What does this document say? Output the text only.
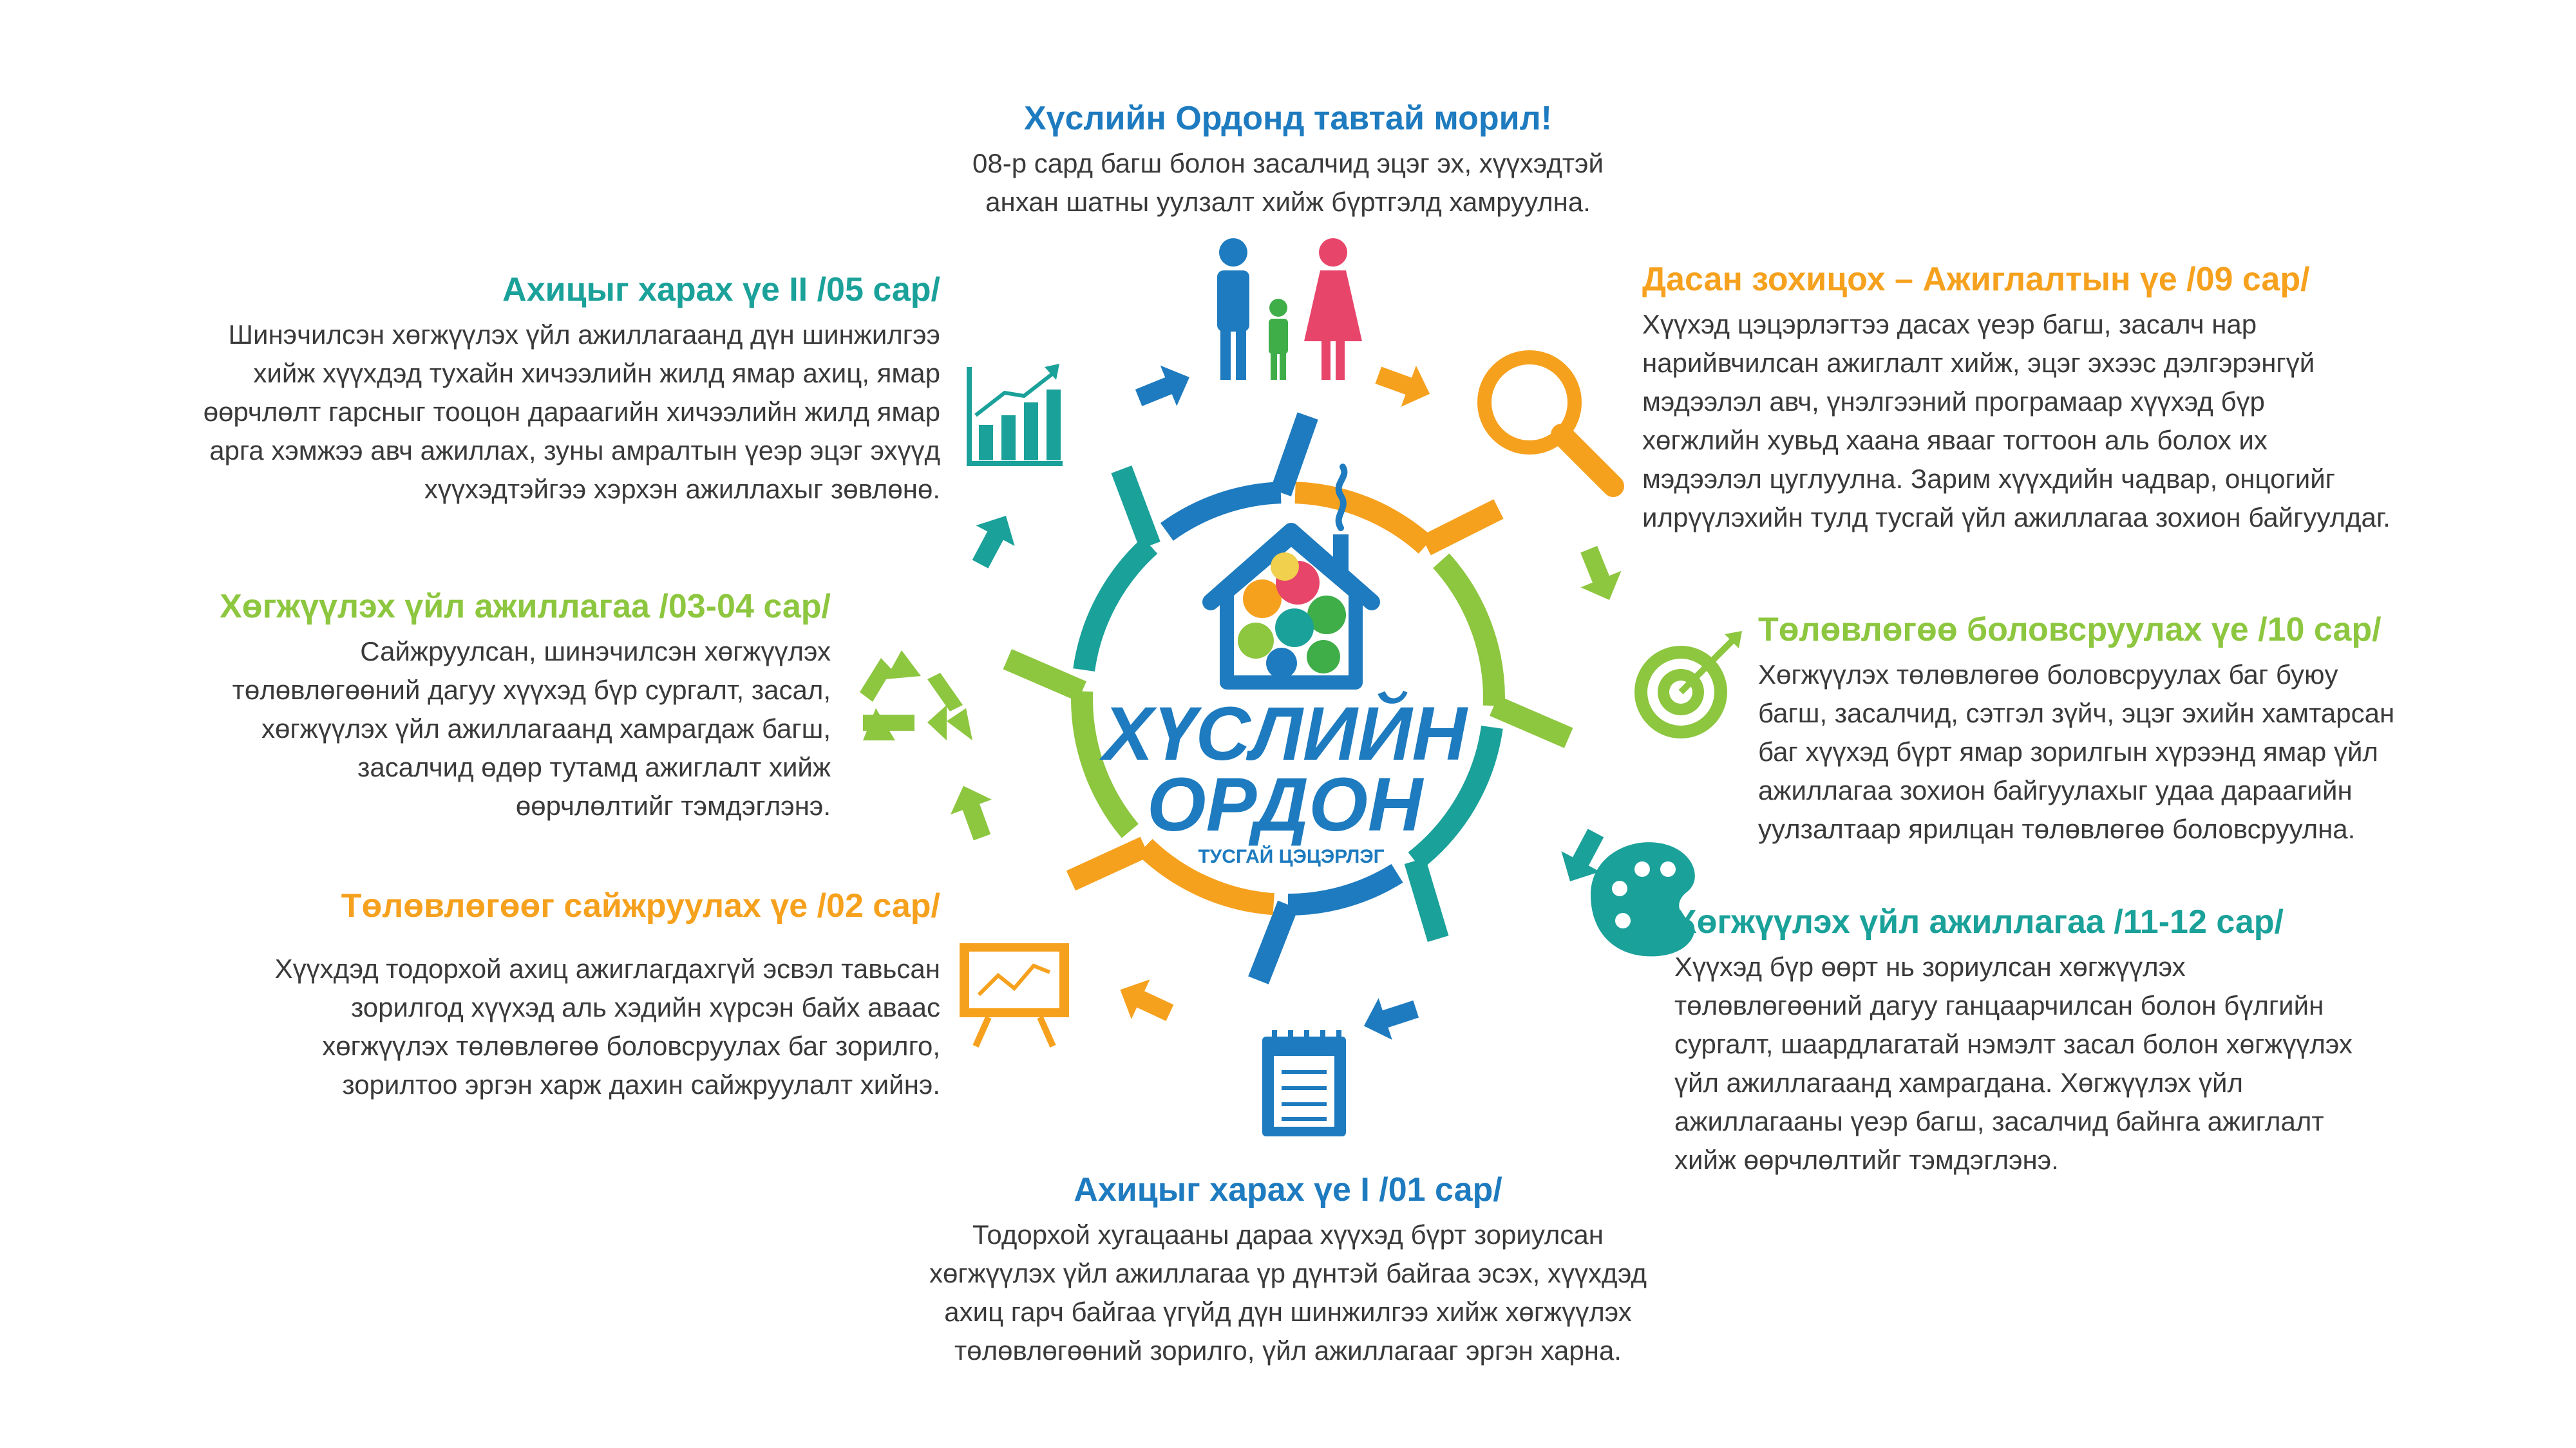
ХҮСЛИЙН
ОРДОН
ТУСГАЙ ЦЭЦЭРЛЭГ

Хүслийн Ордонд тавтай морил!

08-р сард багш болон засалчид эцэг эх, хүүхэдтэй

анхан шатны уулзалт хийж бүртгэлд хамруулна.

Дасан зохицох – Ажиглалтын үе /09 сар/

Хүүхэд цэцэрлэгтээ дасах үеэр багш, засалч нар

нарийвчилсан ажиглалт хийж, эцэг эхээс дэлгэрэнгүй

мэдээлэл авч, үнэлгээний програмаар хүүхэд бүр

хөгжлийн хувьд хаана явааг тогтоон аль болох их

мэдээлэл цуглуулна. Зарим хүүхдийн чадвар, онцогийг

илрүүлэхийн тулд тусгай үйл ажиллагаа зохион байгуулдаг.

Төлөвлөгөө боловсруулах үе /10 сар/

Хөгжүүлэх төлөвлөгөө боловсруулах баг буюу

багш, засалчид, сэтгэл зүйч, эцэг эхийн хамтарсан

баг хүүхэд бүрт ямар зорилгын хүрээнд ямар үйл

ажиллагаа зохион байгуулахыг удаа дараагийн

уулзалтаар ярилцан төлөвлөгөө боловсруулна.

Хөгжүүлэх үйл ажиллагаа /11-12 сар/

Хүүхэд бүр өөрт нь зориулсан хөгжүүлэх

төлөвлөгөөний дагуу ганцаарчилсан болон бүлгийн

сургалт, шаардлагатай нэмэлт засал болон хөгжүүлэх

үйл ажиллагаанд хамрагдана. Хөгжүүлэх үйл

ажиллагааны үеэр багш, засалчид байнга ажиглалт

хийж өөрчлөлтийг тэмдэглэнэ.

Ахицыг харах үе I /01 сар/

Тодорхой хугацааны дараа хүүхэд бүрт зориулсан

хөгжүүлэх үйл ажиллагаа үр дүнтэй байгаа эсэх, хүүхдэд

ахиц гарч байгаа үгүйд дүн шинжилгээ хийж хөгжүүлэх

төлөвлөгөөний зорилго, үйл ажиллагааг эргэн харна.

Төлөвлөгөөг сайжруулах үе /02 сар/

Хүүхдэд тодорхой ахиц ажиглагдахгүй эсвэл тавьсан

зорилгод хүүхэд аль хэдийн хүрсэн байх аваас

хөгжүүлэх төлөвлөгөө боловсруулах баг зорилго,

зорилтоо эргэн харж дахин сайжруулалт хийнэ.

Хөгжүүлэх үйл ажиллагаа /03-04 сар/

Сайжруулсан, шинэчилсэн хөгжүүлэх

төлөвлөгөөний дагуу хүүхэд бүр сургалт, засал,

хөгжүүлэх үйл ажиллагаанд хамрагдаж багш,

засалчид өдөр тутамд ажиглалт хийж

өөрчлөлтийг тэмдэглэнэ.

Ахицыг харах үе II /05 сар/

Шинэчилсэн хөгжүүлэх үйл ажиллагаанд дүн шинжилгээ

хийж хүүхдэд тухайн хичээлийн жилд ямар ахиц, ямар

өөрчлөлт гарсныг тооцон дараагийн хичээлийн жилд ямар

арга хэмжээ авч ажиллах, зуны амралтын үеэр эцэг эхүүд

хүүхэдтэйгээ хэрхэн ажиллахыг зөвлөнө.
